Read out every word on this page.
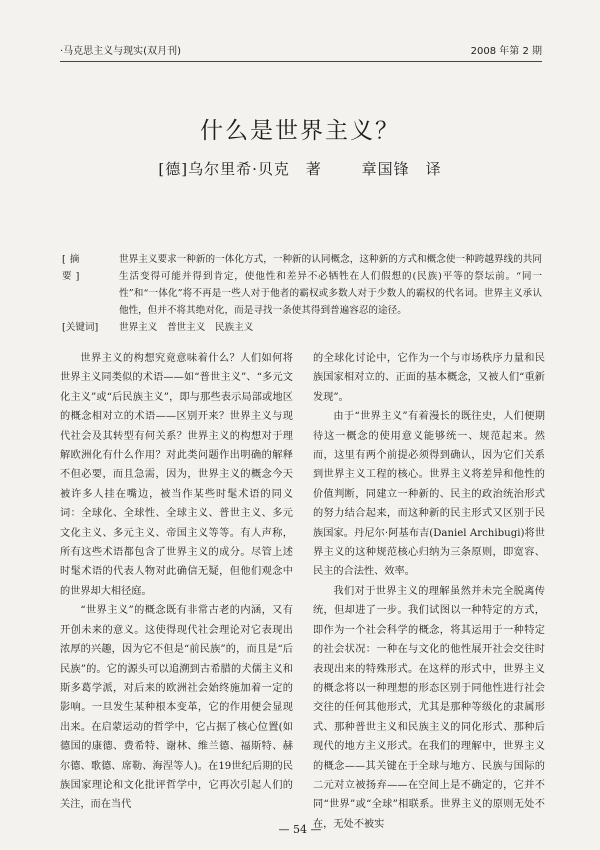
·马克思主义与现实(双月刊)	2008 年第 2 期
什么是世界主义？
[德]乌尔里希·贝克　著	章国锋　译
[摘　要]
世界主义要求一种新的一体化方式，一种新的认同概念，这种新的方式和概念使一种跨越界线的共同生活变得可能并得到肯定，使他性和差异不必牺牲在人们假想的(民族)平等的祭坛前。“同一性”和“一体化”将不再是一些人对于他者的霸权或多数人对于少数人的霸权的代名词。世界主义承认他性，但并不将其绝对化，而是寻找一条使其得到普遍容忍的途径。
[关键词] 世界主义　普世主义　民族主义

世界主义的构想究竟意味着什么？人们如何将世界主义同类似的术语——如“普世主义”、“多元文化主义”或“后民族主义”，即与那些表示局部或地区的概念相对立的术语——区别开来？世界主义与现代社会及其转型有何关系？世界主义的构想对于理解欧洲化有什么作用？对此类问题作出明确的解释不但必要，而且急需，因为，世界主义的概念今天被许多人挂在嘴边，被当作某些时髦术语的同义词：全球化、全球性、全球主义、普世主义、多元文化主义、多元主义、帝国主义等等。有人声称，所有这些术语都包含了世界主义的成分。尽管上述时髦术语的代表人物对此确信无疑，但他们观念中的世界却大相径庭。

“世界主义”的概念既有非常古老的内涵，又有开创未来的意义。这使得现代社会理论对它表现出浓厚的兴趣，因为它不但是“前民族”的，而且是“后民族”的。它的源头可以追溯到古希腊的犬儒主义和斯多葛学派，对后来的欧洲社会始终施加着一定的影响。一旦发生某种根本变革，它的作用便会显现出来。在启蒙运动的哲学中，它占据了核心位置(如德国的康德、费希特、谢林、维兰德、福斯特、赫尔德、歌德、席勒、海涅等人)。在19世纪后期的民族国家理论和文化批评哲学中，它再次引起人们的关注，而在当代

的全球化讨论中，它作为一个与市场秩序力量和民族国家相对立的、正面的基本概念，又被人们“重新发现”。

由于“世界主义”有着漫长的既往史，人们便期待这一概念的使用意义能够统一、规范起来。然而，这里有两个前提必须得到确认，因为它们关系到世界主义工程的核心。世界主义将差异和他性的价值判断，同建立一种新的、民主的政治统治形式的努力结合起来，而这种新的民主形式又区别于民族国家。丹尼尔·阿基布吉(Daniel Archibugi)将世界主义的这种规范核心归纳为三条原则，即宽容、民主的合法性、效率。

我们对于世界主义的理解虽然并未完全脱离传统，但却进了一步。我们试图以一种特定的方式，即作为一个社会科学的概念，将其运用于一种特定的社会状况：一种在与文化的他性展开社会交往时表现出来的特殊形式。在这样的形式中，世界主义的概念将以一种理想的形态区别于同他性进行社会交往的任何其他形式，尤其是那种等级化的隶属形式、那种普世主义和民族主义的同化形式、那种后现代的地方主义形式。在我们的理解中，世界主义的概念——其关键在于全球与地方、民族与国际的二元对立被扬弃——在空间上是不确定的，它并不同“世界”或“全球”相联系。世界主义的原则无处不在，无处不被实

— 54 —
